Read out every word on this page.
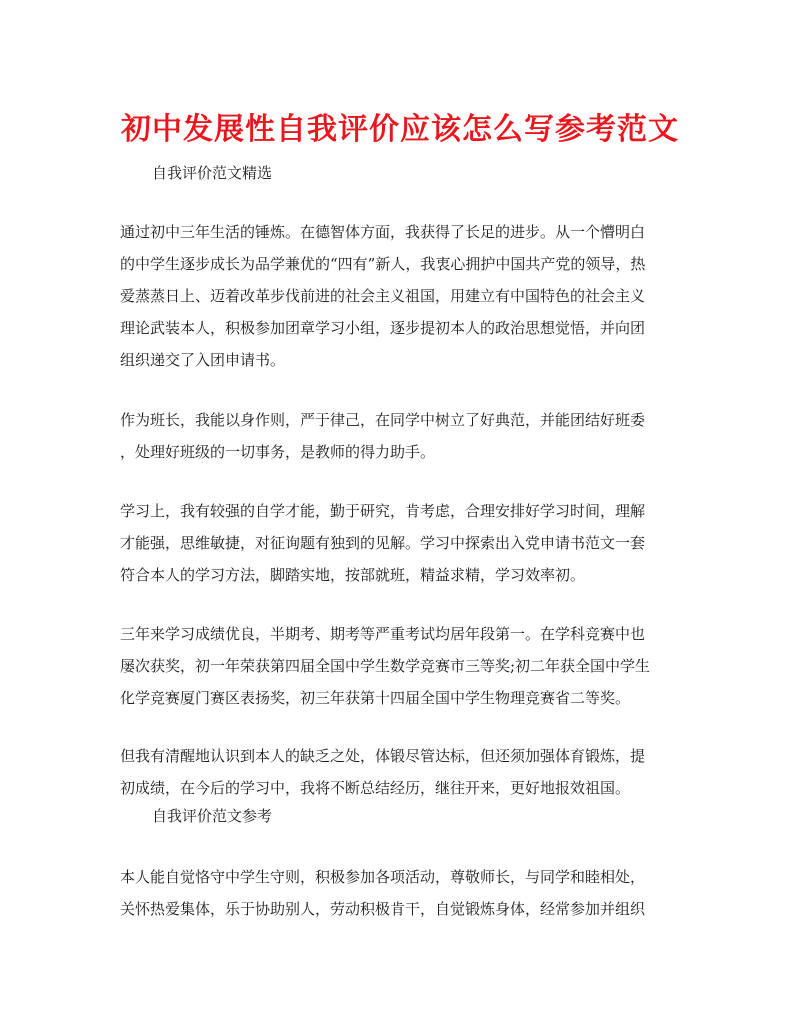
初中发展性自我评价应该怎么写参考范文
自我评价范文精选
通过初中三年生活的锤炼。在德智体方面，我获得了长足的进步。从一个懵明白
的中学生逐步成长为品学兼优的“四有”新人，我衷心拥护中国共产党的领导，热
爱蒸蒸日上、迈着改革步伐前进的社会主义祖国，用建立有中国特色的社会主义
理论武装本人，积极参加团章学习小组，逐步提初本人的政治思想觉悟，并向团
组织递交了入团申请书。
作为班长，我能以身作则，严于律己，在同学中树立了好典范，并能团结好班委
，处理好班级的一切事务，是教师的得力助手。
学习上，我有较强的自学才能，勤于研究，肯考虑，合理安排好学习时间，理解
才能强，思维敏捷，对征询题有独到的见解。学习中探索出入党申请书范文一套
符合本人的学习方法，脚踏实地，按部就班，精益求精，学习效率初。
三年来学习成绩优良，半期考、期考等严重考试均居年段第一。在学科竞赛中也
屡次获奖，初一年荣获第四届全国中学生数学竞赛市三等奖;初二年获全国中学生
化学竞赛厦门赛区表扬奖，初三年获第十四届全国中学生物理竞赛省二等奖。
但我有清醒地认识到本人的缺乏之处，体锻尽管达标，但还须加强体育锻炼，提
初成绩，在今后的学习中，我将不断总结经历，继往开来，更好地报效祖国。
自我评价范文参考
本人能自觉恪守中学生守则，积极参加各项活动，尊敬师长，与同学和睦相处，
关怀热爱集体，乐于协助别人，劳动积极肯干，自觉锻炼身体，经常参加并组织
